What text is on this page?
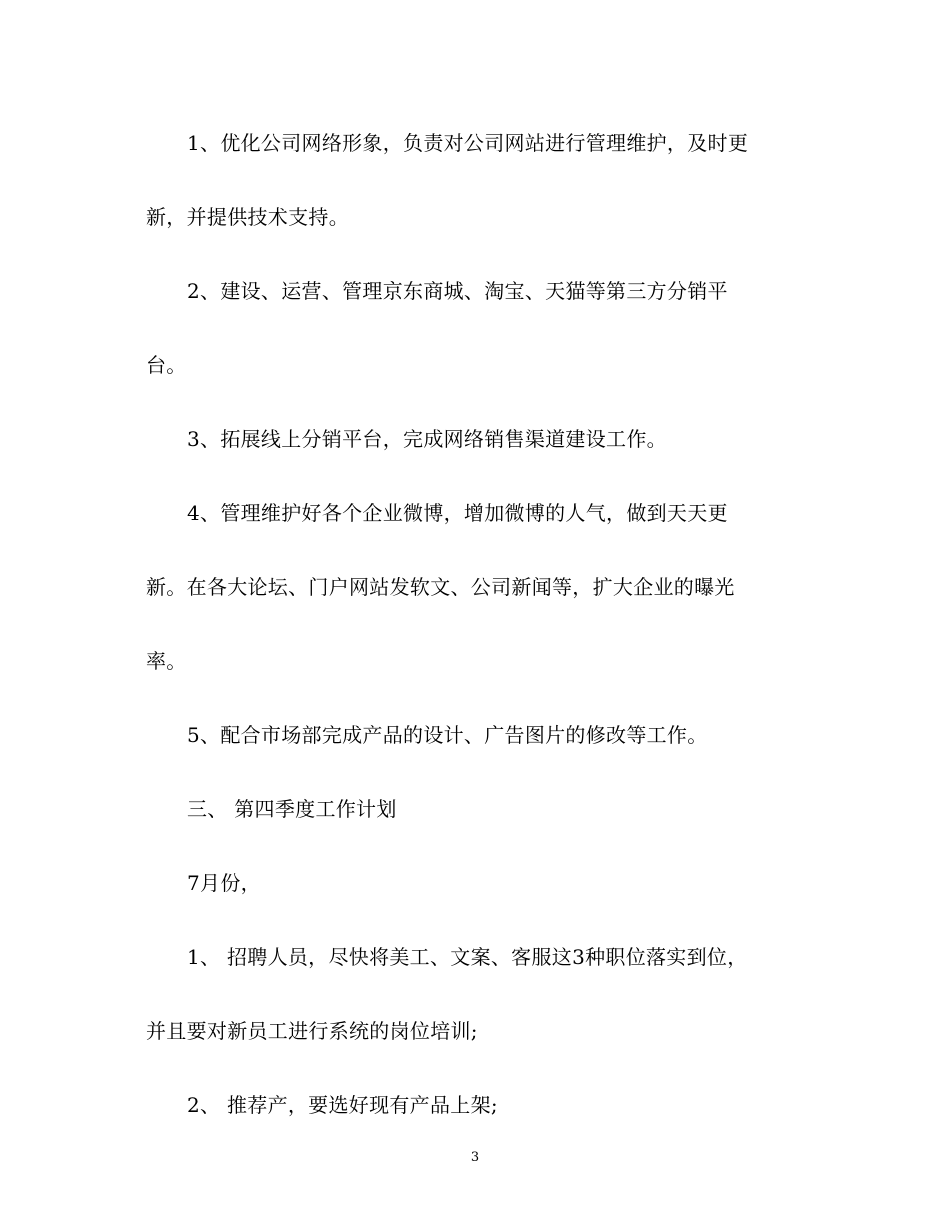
1、优化公司网络形象，负责对公司网站进行管理维护，及时更
新，并提供技术支持。
2、建设、运营、管理京东商城、淘宝、天猫等第三方分销平
台。
3、拓展线上分销平台，完成网络销售渠道建设工作。
4、管理维护好各个企业微博，增加微博的人气，做到天天更
新。在各大论坛、门户网站发软文、公司新闻等，扩大企业的曝光
率。
5、配合市场部完成产品的设计、广告图片的修改等工作。
三、 第四季度工作计划
7月份，
1、 招聘人员，尽快将美工、文案、客服这3种职位落实到位，
并且要对新员工进行系统的岗位培训;
2、 推荐产，要选好现有产品上架;
3
